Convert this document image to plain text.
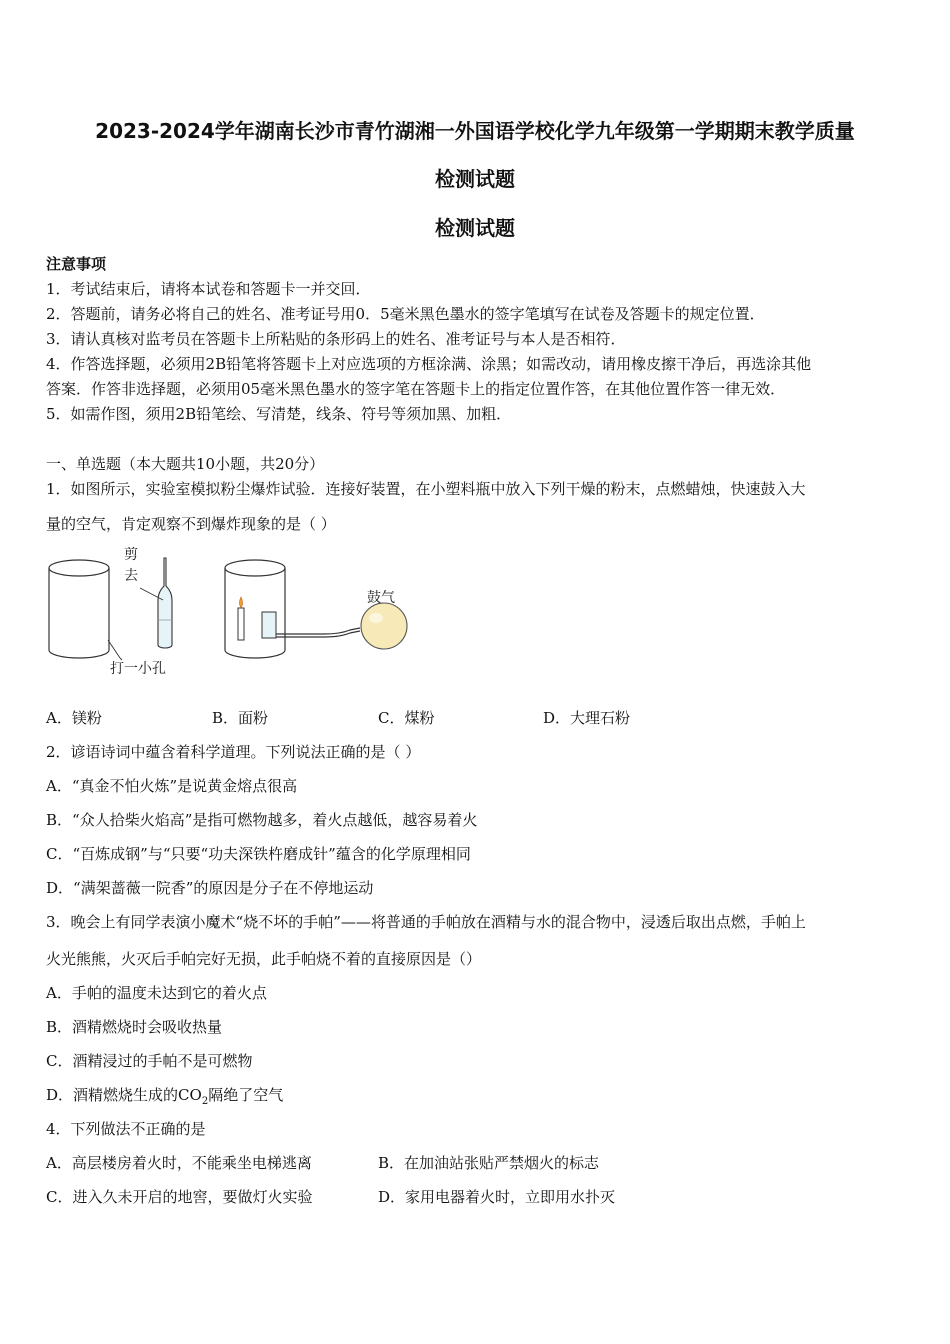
2023-2024学年湖南长沙市青竹湖湘一外国语学校化学九年级第一学期期末教学质量
检测试题
检测试题
注意事项
1．考试结束后，请将本试卷和答题卡一并交回．
2．答题前，请务必将自己的姓名、准考证号用0．5毫米黑色墨水的签字笔填写在试卷及答题卡的规定位置．
3．请认真核对监考员在答题卡上所粘贴的条形码上的姓名、准考证号与本人是否相符．
4．作答选择题，必须用2B铅笔将答题卡上对应选项的方框涂满、涂黑；如需改动，请用橡皮擦干净后，再选涂其他
答案．作答非选择题，必须用05毫米黑色墨水的签字笔在答题卡上的指定位置作答，在其他位置作答一律无效．
5．如需作图，须用2B铅笔绘、写清楚，线条、符号等须加黑、加粗．
一、单选题（本大题共10小题，共20分）
1．如图所示，实验室模拟粉尘爆炸试验．连接好装置，在小塑料瓶中放入下列干燥的粉末，点燃蜡烛，快速鼓入大
量的空气，肯定观察不到爆炸现象的是（ ）
剪
去
打一小孔
鼓气
A．镁粉	B．面粉	C．煤粉	D．大理石粉
2．谚语诗词中蕴含着科学道理。下列说法正确的是（ ）
A．“真金不怕火炼”是说黄金熔点很高
B．“众人拾柴火焰高”是指可燃物越多，着火点越低，越容易着火
C．“百炼成钢”与“只要“功夫深铁杵磨成针”蕴含的化学原理相同
D．“满架蔷薇一院香”的原因是分子在不停地运动
3．晚会上有同学表演小魔术“烧不坏的手帕”——将普通的手帕放在酒精与水的混合物中，浸透后取出点燃，手帕上
火光熊熊，火灭后手帕完好无损，此手帕烧不着的直接原因是（）
A．手帕的温度未达到它的着火点
B．酒精燃烧时会吸收热量
C．酒精浸过的手帕不是可燃物
D．酒精燃烧生成的$CO_2$隔绝了空气
4．下列做法不正确的是
A．高层楼房着火时，不能乘坐电梯逃离	B．在加油站张贴严禁烟火的标志
C．进入久未开启的地窖，要做灯火实验	D．家用电器着火时，立即用水扑灭
